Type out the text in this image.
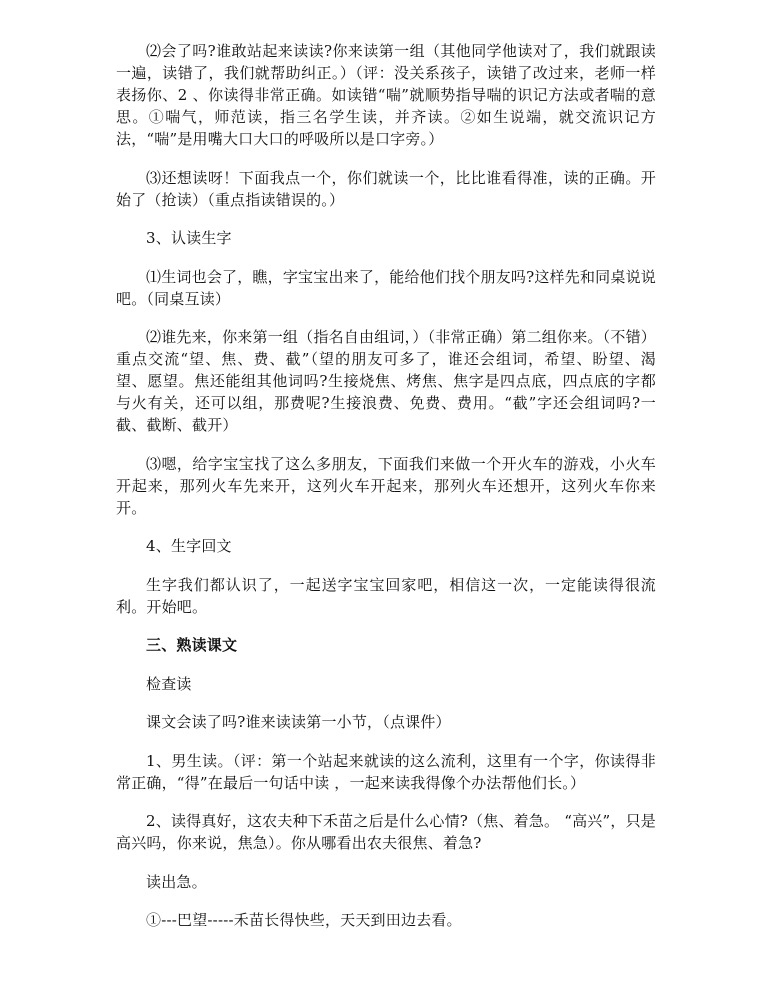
⑵会了吗?谁敢站起来读读?你来读第一组（其他同学他读对了，我们就跟读一遍，读错了，我们就帮助纠正。）（评：没关系孩子，读错了改过来，老师一样表扬你、2 、你读得非常正确。如读错“喘”就顺势指导喘的识记方法或者喘的意思。①喘气，师范读，指三名学生读，并齐读。②如生说端，就交流识记方法，“喘”是用嘴大口大口的呼吸所以是口字旁。）

⑶还想读呀！下面我点一个，你们就读一个，比比谁看得准，读的正确。开始了（抢读）（重点指读错误的。）

3、认读生字

⑴生词也会了，瞧，字宝宝出来了，能给他们找个朋友吗?这样先和同桌说说吧。（同桌互读）

⑵谁先来，你来第一组（指名自由组词，）（非常正确）第二组你来。（不错）重点交流“望、焦、费、截”（望的朋友可多了，谁还会组词，希望、盼望、渴望、愿望。焦还能组其他词吗?生接烧焦、烤焦、焦字是四点底，四点底的字都与火有关，还可以组，那费呢?生接浪费、免费、费用。“截”字还会组词吗?一截、截断、截开）

⑶嗯，给字宝宝找了这么多朋友，下面我们来做一个开火车的游戏，小火车开起来，那列火车先来开，这列火车开起来，那列火车还想开，这列火车你来开。

4、生字回文

生字我们都认识了，一起送字宝宝回家吧，相信这一次，一定能读得很流利。开始吧。

三、熟读课文

检查读

课文会读了吗?谁来读读第一小节，（点课件）

1、男生读。（评：第一个站起来就读的这么流利，这里有一个字，你读得非常正确，“得”在最后一句话中读 ，一起来读我得像个办法帮他们长。）

2、读得真好，这农夫种下禾苗之后是什么心情?（焦、着急。 “高兴”，只是高兴吗，你来说，焦急）。你从哪看出农夫很焦、着急?

读出急。

①---巴望-----禾苗长得快些，天天到田边去看。
